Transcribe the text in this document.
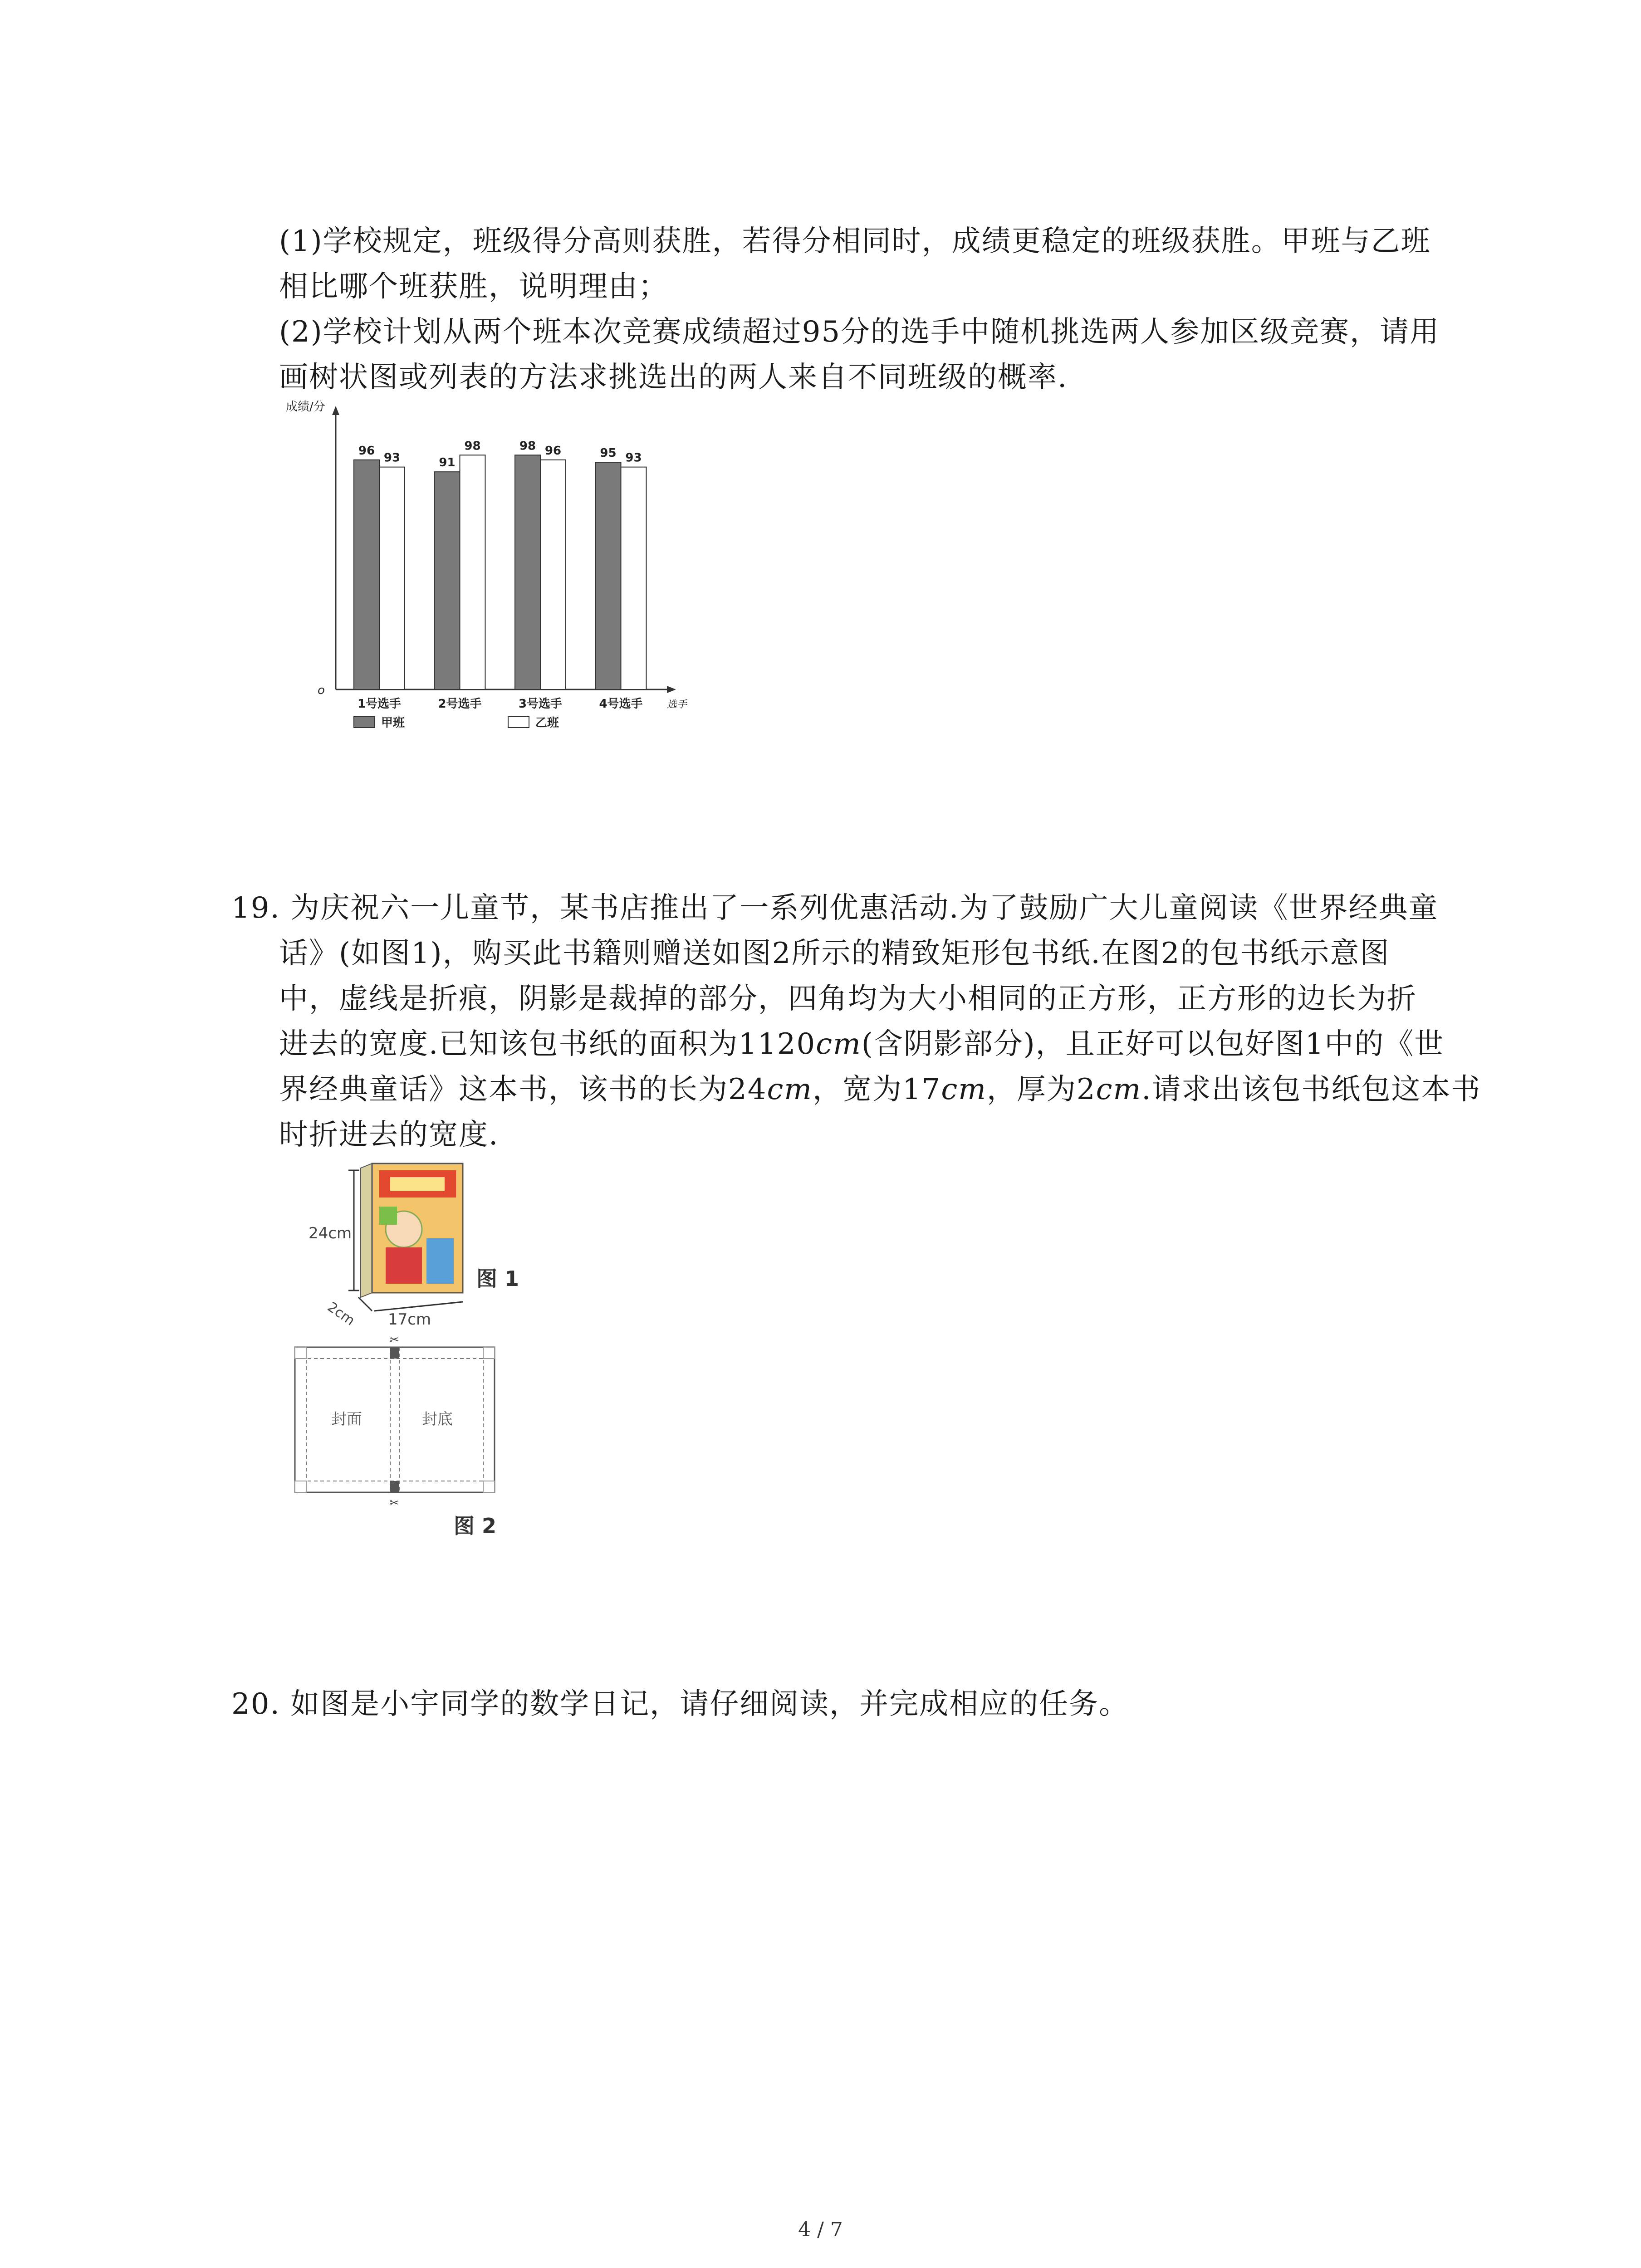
(1)学校规定，班级得分高则获胜，若得分相同时，成绩更稳定的班级获胜。甲班与乙班
相比哪个班获胜，说明理由；
(2)学校计划从两个班本次竞赛成绩超过95分的选手中随机挑选两人参加区级竞赛，请用
画树状图或列表的方法求挑选出的两人来自不同班级的概率.
成绩/分
选手
o
96
93
1号选手
91
98
2号选手
98 96
3号选手
95 93
4号选手
甲班	乙班
19. 为庆祝六一儿童节，某书店推出了一系列优惠活动.为了鼓励广大儿童阅读《世界经典童
话》(如图1)，购买此书籍则赠送如图2所示的精致矩形包书纸.在图2的包书纸示意图
中，虚线是折痕，阴影是裁掉的部分，四角均为大小相同的正方形，正方形的边长为折
进去的宽度.已知该包书纸的面积为1120cm(含阴影部分)，且正好可以包好图1中的《世
界经典童话》这本书，该书的长为24cm，宽为17cm，厚为2cm.请求出该包书纸包这本书
时折进去的宽度.
24cm
2cm 17cm
图 1
✂
✂
封面	封底
图 2
20. 如图是小宇同学的数学日记，请仔细阅读，并完成相应的任务。
4 / 7
